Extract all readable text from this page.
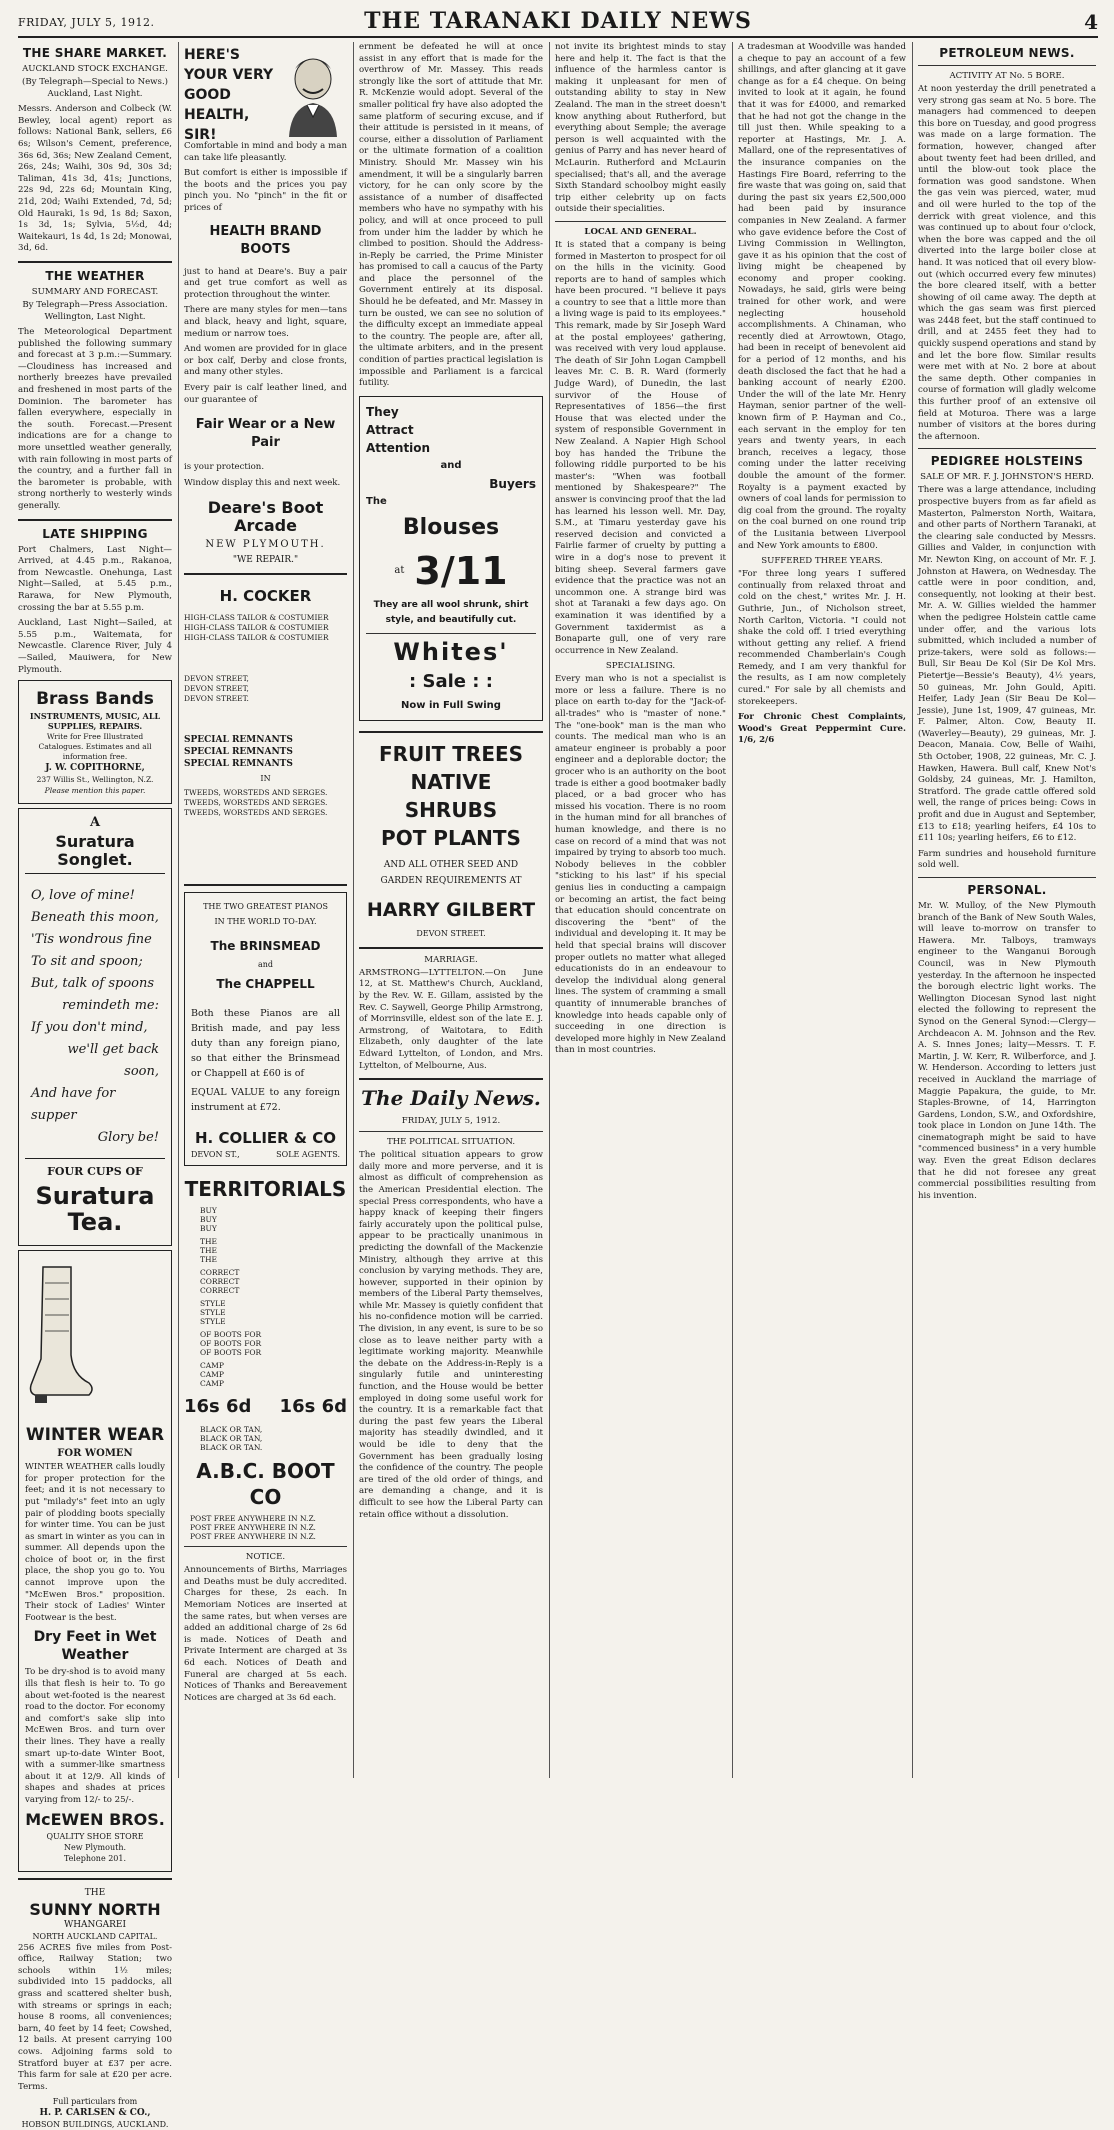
FRIDAY, JULY 5, 1912.	THE TARANAKI DAILY NEWS	4
THE SHARE MARKET.
AUCKLAND STOCK EXCHANGE.

(By Telegraph—Special to News.) Auckland, Last Night.

Messrs. Anderson and Colbeck (W. Bewley, local agent) report as follows: National Bank, sellers, £6 6s; Wilson's Cement, preference, 36s 6d, 36s; New Zealand Cement, 26s, 24s; Waihi, 30s 9d, 30s 3d; Taliman, 41s 3d, 41s; Junctions, 22s 9d, 22s 6d; Mountain King, 21d, 20d; Waihi Extended, 7d, 5d; Old Hauraki, 1s 9d, 1s 8d; Saxon, 1s 3d, 1s; Sylvia, 5½d, 4d; Waitekauri, 1s 4d, 1s 2d; Monowai, 3d, 6d.

THE WEATHER
SUMMARY AND FORECAST.

By Telegraph—Press Association. Wellington, Last Night.

The Meteorological Department published the following summary and forecast at 3 p.m.:—Summary.—Cloudiness has increased and northerly breezes have prevailed and freshened in most parts of the Dominion. The barometer has fallen everywhere, especially in the south. Forecast.—Present indications are for a change to more unsettled weather generally, with rain following in most parts of the country, and a further fall in the barometer is probable, with strong northerly to westerly winds generally.

LATE SHIPPING

Port Chalmers, Last Night—Arrived, at 4.45 p.m., Rakanoa, from Newcastle. Onehunga, Last Night—Sailed, at 5.45 p.m., Rarawa, for New Plymouth, crossing the bar at 5.55 p.m.

Auckland, Last Night—Sailed, at 5.55 p.m., Waitemata, for Newcastle. Clarence River, July 4—Sailed, Mauiwera, for New Plymouth.

Brass Bands
INSTRUMENTS, MUSIC, ALL SUPPLIES, REPAIRS.
Write for Free Illustrated Catalogues. Estimates and all information free.
J. W. COPITHORNE,
237 Willis St., Wellington, N.Z.
Please mention this paper.
A
Suratura Songlet.
O, love of mine!
Beneath this moon,
'Tis wondrous fine
To sit and spoon;
But, talk of spoons
remindeth me:
If you don't mind,
we'll get back soon,
And have for supper
Glory be!
FOUR CUPS OF
Suratura Tea.
WINTER WEAR
FOR WOMEN

WINTER WEATHER calls loudly for proper protection for the feet; and it is not necessary to put "milady's" feet into an ugly pair of plodding boots specially for winter time. You can be just as smart in winter as you can in summer. All depends upon the choice of boot or, in the first place, the shop you go to. You cannot improve upon the "McEwen Bros." proposition. Their stock of Ladies' Winter Footwear is the best.

Dry Feet in Wet Weather

To be dry-shod is to avoid many ills that flesh is heir to. To go about wet-footed is the nearest road to the doctor. For economy and comfort's sake slip into McEwen Bros. and turn over their lines. They have a really smart up-to-date Winter Boot, with a summer-like smartness about it at 12/9. All kinds of shapes and shades at prices varying from 12/- to 25/-.

McEWEN BROS.
QUALITY SHOE STORE
New Plymouth.
Telephone 201.
THE
SUNNY NORTH
WHANGAREI
NORTH AUCKLAND CAPITAL.

256 ACRES five miles from Post-office, Railway Station; two schools within 1½ miles; subdivided into 15 paddocks, all grass and scattered shelter bush, with streams or springs in each; house 8 rooms, all conveniences; barn, 40 feet by 14 feet; Cowshed, 12 bails. At present carrying 100 cows. Adjoining farms sold to Stratford buyer at £37 per acre. This farm for sale at £20 per acre. Terms.

Full particulars from
H. P. CARLSEN & CO.,
HOBSON BUILDINGS, AUCKLAND.
HERE'S YOUR VERY GOOD HEALTH, SIR!

Comfortable in mind and body a man can take life pleasantly.

But comfort is either is impossible if the boots and the prices you pay pinch you. No "pinch" in the fit or prices of

HEALTH BRAND BOOTS

just to hand at Deare's. Buy a pair and get true comfort as well as protection throughout the winter.

There are many styles for men—tans and black, heavy and light, square, medium or narrow toes.

And women are provided for in glace or box calf, Derby and close fronts, and many other styles.

Every pair is calf leather lined, and our guarantee of

Fair Wear or a New Pair

is your protection.

Window display this and next week.

Deare's Boot Arcade
NEW PLYMOUTH.
"WE REPAIR."
H. COCKER
HIGH-CLASS TAILOR & COSTUMIER
HIGH-CLASS TAILOR & COSTUMIER
HIGH-CLASS TAILOR & COSTUMIER
DEVON STREET,
DEVON STREET,
DEVON STREET.
SPECIAL REMNANTS
SPECIAL REMNANTS
SPECIAL REMNANTS
IN
TWEEDS, WORSTEDS AND SERGES.
TWEEDS, WORSTEDS AND SERGES.
TWEEDS, WORSTEDS AND SERGES.
THE TWO GREATEST PIANOS
IN THE WORLD TO-DAY.
The BRINSMEAD
and
The CHAPPELL

Both these Pianos are all British made, and pay less duty than any foreign piano, so that either the Brinsmead or Chappell at £60 is of

EQUAL VALUE to any foreign instrument at £72.

H. COLLIER & CO
DEVON ST.,	SOLE AGENTS.
TERRITORIALS
BUY
BUY
BUY
THE
THE
THE
CORRECT
CORRECT
CORRECT
STYLE
STYLE
STYLE
OF BOOTS FOR
OF BOOTS FOR
OF BOOTS FOR
CAMP
CAMP
CAMP
16s 6d 16s 6d
BLACK OR TAN,
BLACK OR TAN,
BLACK OR TAN.
A.B.C. BOOT CO
POST FREE ANYWHERE IN N.Z.
POST FREE ANYWHERE IN N.Z.
POST FREE ANYWHERE IN N.Z.
NOTICE.

Announcements of Births, Marriages and Deaths must be duly accredited. Charges for these, 2s each. In Memoriam Notices are inserted at the same rates, but when verses are added an additional charge of 2s 6d is made. Notices of Death and Private Interment are charged at 3s 6d each. Notices of Death and Funeral are charged at 5s each. Notices of Thanks and Bereavement Notices are charged at 3s 6d each.

ernment be defeated he will at once assist in any effort that is made for the overthrow of Mr. Massey. This reads strongly like the sort of attitude that Mr. R. McKenzie would adopt. Several of the smaller political fry have also adopted the same platform of securing excuse, and if their attitude is persisted in it means, of course, either a dissolution of Parliament or the ultimate formation of a coalition Ministry. Should Mr. Massey win his amendment, it will be a singularly barren victory, for he can only score by the assistance of a number of disaffected members who have no sympathy with his policy, and will at once proceed to pull from under him the ladder by which he climbed to position. Should the Address-in-Reply be carried, the Prime Minister has promised to call a caucus of the Party and place the personnel of the Government entirely at its disposal. Should he be defeated, and Mr. Massey in turn be ousted, we can see no solution of the difficulty except an immediate appeal to the country. The people are, after all, the ultimate arbiters, and in the present condition of parties practical legislation is impossible and Parliament is a farcical futility.

They
Attract
Attention
and
Buyers
The
Blouses
at 3/11
They are all wool shrunk, shirt style, and beautifully cut.
Whites'
: Sale : :
Now in Full Swing
FRUIT TREES
NATIVE
SHRUBS
POT PLANTS
AND ALL OTHER SEED AND GARDEN REQUIREMENTS AT
HARRY GILBERT
DEVON STREET.
MARRIAGE.

ARMSTRONG—LYTTELTON.—On June 12, at St. Matthew's Church, Auckland, by the Rev. W. E. Gillam, assisted by the Rev. C. Saywell, George Philip Armstrong, of Morrinsville, eldest son of the late E. J. Armstrong, of Waitotara, to Edith Elizabeth, only daughter of the late Edward Lyttelton, of London, and Mrs. Lyttelton, of Melbourne, Aus.

The Daily News.
FRIDAY, JULY 5, 1912.
THE POLITICAL SITUATION.

The political situation appears to grow daily more and more perverse, and it is almost as difficult of comprehension as the American Presidential election. The special Press correspondents, who have a happy knack of keeping their fingers fairly accurately upon the political pulse, appear to be practically unanimous in predicting the downfall of the Mackenzie Ministry, although they arrive at this conclusion by varying methods. They are, however, supported in their opinion by members of the Liberal Party themselves, while Mr. Massey is quietly confident that his no-confidence motion will be carried. The division, in any event, is sure to be so close as to leave neither party with a legitimate working majority. Meanwhile the debate on the Address-in-Reply is a singularly futile and uninteresting function, and the House would be better employed in doing some useful work for the country. It is a remarkable fact that during the past few years the Liberal majority has steadily dwindled, and it would be idle to deny that the Government has been gradually losing the confidence of the country. The people are tired of the old order of things, and are demanding a change, and it is difficult to see how the Liberal Party can retain office without a dissolution.

not invite its brightest minds to stay here and help it. The fact is that the influence of the harmless cantor is making it unpleasant for men of outstanding ability to stay in New Zealand. The man in the street doesn't know anything about Rutherford, but everything about Semple; the average person is well acquainted with the genius of Parry and has never heard of McLaurin. Rutherford and McLaurin specialised; that's all, and the average Sixth Standard schoolboy might easily trip either celebrity up on facts outside their specialities.

LOCAL AND GENERAL.

It is stated that a company is being formed in Masterton to prospect for oil on the hills in the vicinity. Good reports are to hand of samples which have been procured. "I believe it pays a country to see that a little more than a living wage is paid to its employees." This remark, made by Sir Joseph Ward at the postal employees' gathering, was received with very loud applause. The death of Sir John Logan Campbell leaves Mr. C. B. R. Ward (formerly Judge Ward), of Dunedin, the last survivor of the House of Representatives of 1856—the first House that was elected under the system of responsible Government in New Zealand. A Napier High School boy has handed the Tribune the following riddle purported to be his master's: "When was football mentioned by Shakespeare?" The answer is convincing proof that the lad has learned his lesson well. Mr. Day, S.M., at Timaru yesterday gave his reserved decision and convicted a Fairlie farmer of cruelty by putting a wire in a dog's nose to prevent it biting sheep. Several farmers gave evidence that the practice was not an uncommon one. A strange bird was shot at Taranaki a few days ago. On examination it was identified by a Government taxidermist as a Bonaparte gull, one of very rare occurrence in New Zealand.

SPECIALISING.

Every man who is not a specialist is more or less a failure. There is no place on earth to-day for the "Jack-of-all-trades" who is "master of none." The "one-book" man is the man who counts. The medical man who is an amateur engineer is probably a poor engineer and a deplorable doctor; the grocer who is an authority on the boot trade is either a good bootmaker badly placed, or a bad grocer who has missed his vocation. There is no room in the human mind for all branches of human knowledge, and there is no case on record of a mind that was not impaired by trying to absorb too much. Nobody believes in the cobbler "sticking to his last" if his special genius lies in conducting a campaign or becoming an artist, the fact being that education should concentrate on discovering the "bent" of the individual and developing it. It may be held that special brains will discover proper outlets no matter what alleged educationists do in an endeavour to develop the individual along general lines. The system of cramming a small quantity of innumerable branches of knowledge into heads capable only of succeeding in one direction is developed more highly in New Zealand than in most countries.

A tradesman at Woodville was handed a cheque to pay an account of a few shillings, and after glancing at it gave change as for a £4 cheque. On being invited to look at it again, he found that it was for £4000, and remarked that he had not got the change in the till just then. While speaking to a reporter at Hastings, Mr. J. A. Mallard, one of the representatives of the insurance companies on the Hastings Fire Board, referring to the fire waste that was going on, said that during the past six years £2,500,000 had been paid by insurance companies in New Zealand. A farmer who gave evidence before the Cost of Living Commission in Wellington, gave it as his opinion that the cost of living might be cheapened by economy and proper cooking. Nowadays, he said, girls were being trained for other work, and were neglecting household accomplishments. A Chinaman, who recently died at Arrowtown, Otago, had been in receipt of benevolent aid for a period of 12 months, and his death disclosed the fact that he had a banking account of nearly £200. Under the will of the late Mr. Henry Hayman, senior partner of the well-known firm of P. Hayman and Co., each servant in the employ for ten years and twenty years, in each branch, receives a legacy, those coming under the latter receiving double the amount of the former. Royalty is a payment exacted by owners of coal lands for permission to dig coal from the ground. The royalty on the coal burned on one round trip of the Lusitania between Liverpool and New York amounts to £800.

SUFFERED THREE YEARS.

"For three long years I suffered continually from relaxed throat and cold on the chest," writes Mr. J. H. Guthrie, Jun., of Nicholson street, North Carlton, Victoria. "I could not shake the cold off. I tried everything without getting any relief. A friend recommended Chamberlain's Cough Remedy, and I am very thankful for the results, as I am now completely cured." For sale by all chemists and storekeepers.

For Chronic Chest Complaints, Wood's Great Peppermint Cure. 1/6, 2/6

PETROLEUM NEWS.
ACTIVITY AT No. 5 BORE.

At noon yesterday the drill penetrated a very strong gas seam at No. 5 bore. The managers had commenced to deepen this bore on Tuesday, and good progress was made on a large formation. The formation, however, changed after about twenty feet had been drilled, and until the blow-out took place the formation was good sandstone. When the gas vein was pierced, water, mud and oil were hurled to the top of the derrick with great violence, and this was continued up to about four o'clock, when the bore was capped and the oil diverted into the large boiler close at hand. It was noticed that oil every blow-out (which occurred every few minutes) the bore cleared itself, with a better showing of oil came away. The depth at which the gas seam was first pierced was 2448 feet, but the staff continued to drill, and at 2455 feet they had to quickly suspend operations and stand by and let the bore flow. Similar results were met with at No. 2 bore at about the same depth. Other companies in course of formation will gladly welcome this further proof of an extensive oil field at Moturoa. There was a large number of visitors at the bores during the afternoon.

PEDIGREE HOLSTEINS
SALE OF MR. F. J. JOHNSTON'S HERD.

There was a large attendance, including prospective buyers from as far afield as Masterton, Palmerston North, Waitara, and other parts of Northern Taranaki, at the clearing sale conducted by Messrs. Gillies and Valder, in conjunction with Mr. Newton King, on account of Mr. F. J. Johnston at Hawera, on Wednesday. The cattle were in poor condition, and, consequently, not looking at their best. Mr. A. W. Gillies wielded the hammer when the pedigree Holstein cattle came under offer, and the various lots submitted, which included a number of prize-takers, were sold as follows:— Bull, Sir Beau De Kol (Sir De Kol Mrs. Pietertje—Bessie's Beauty), 4½ years, 50 guineas, Mr. John Gould, Apiti. Heifer, Lady Jean (Sir Beau De Kol—Jessie), June 1st, 1909, 47 guineas, Mr. F. Palmer, Alton. Cow, Beauty II. (Waverley—Beauty), 29 guineas, Mr. J. Deacon, Manaia. Cow, Belle of Waihi, 5th October, 1908, 22 guineas, Mr. C. J. Hawken, Hawera. Bull calf, Knew Not's Goldsby, 24 guineas, Mr. J. Hamilton, Stratford. The grade cattle offered sold well, the range of prices being: Cows in profit and due in August and September, £13 to £18; yearling heifers, £4 10s to £11 10s; yearling heifers, £6 to £12.

Farm sundries and household furniture sold well.

PERSONAL.

Mr. W. Mulloy, of the New Plymouth branch of the Bank of New South Wales, will leave to-morrow on transfer to Hawera. Mr. Talboys, tramways engineer to the Wanganui Borough Council, was in New Plymouth yesterday. In the afternoon he inspected the borough electric light works. The Wellington Diocesan Synod last night elected the following to represent the Synod on the General Synod:—Clergy—Archdeacon A. M. Johnson and the Rev. A. S. Innes Jones; laity—Messrs. T. F. Martin, J. W. Kerr, R. Wilberforce, and J. W. Henderson. According to letters just received in Auckland the marriage of Maggie Papakura, the guide, to Mr. Staples-Browne, of 14, Harrington Gardens, London, S.W., and Oxfordshire, took place in London on June 14th. The cinematograph might be said to have "commenced business" in a very humble way. Even the great Edison declares that he did not foresee any great commercial possibilities resulting from his invention.
